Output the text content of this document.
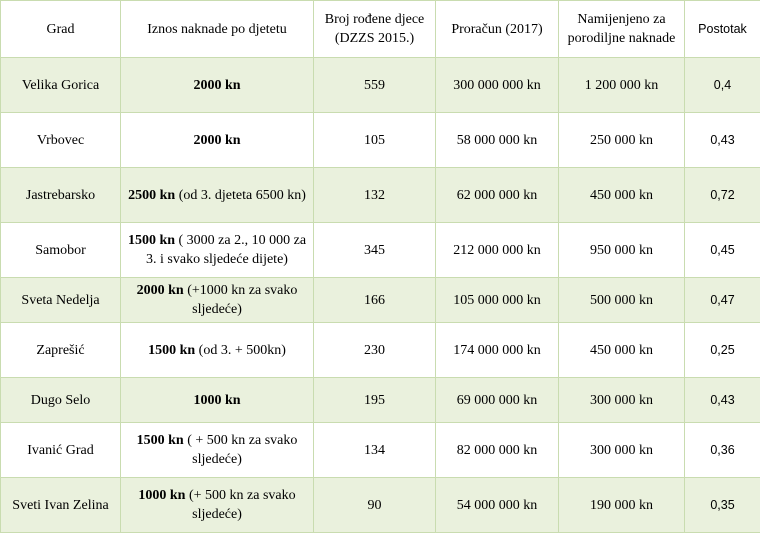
Grad	Iznos naknade po djetetu	Broj rođene djece (DZZS 2015.)	Proračun (2017)	Namijenjeno za porodiljne naknade	Postotak
Velika Gorica	2000 kn	559	300 000 000 kn	1 200 000 kn	0,4
Vrbovec	2000 kn	105	58 000 000 kn	250 000 kn	0,43
Jastrebarsko	2500 kn (od 3. djeteta 6500 kn)	132	62 000 000 kn	450 000 kn	0,72
Samobor	1500 kn ( 3000 za 2., 10 000 za 3. i svako sljedeće dijete)	345	212 000 000 kn	950 000 kn	0,45
Sveta Nedelja	2000 kn (+1000 kn za svako sljedeće)	166	105 000 000 kn	500 000 kn	0,47
Zaprešić	1500 kn (od 3. + 500kn)	230	174 000 000 kn	450 000 kn	0,25
Dugo Selo	1000 kn	195	69 000 000 kn	300 000 kn	0,43
Ivanić Grad	1500 kn ( + 500 kn za svako sljedeće)	134	82 000 000 kn	300 000 kn	0,36
Sveti Ivan Zelina	1000 kn (+ 500 kn za svako sljedeće)	90	54 000 000 kn	190 000 kn	0,35
